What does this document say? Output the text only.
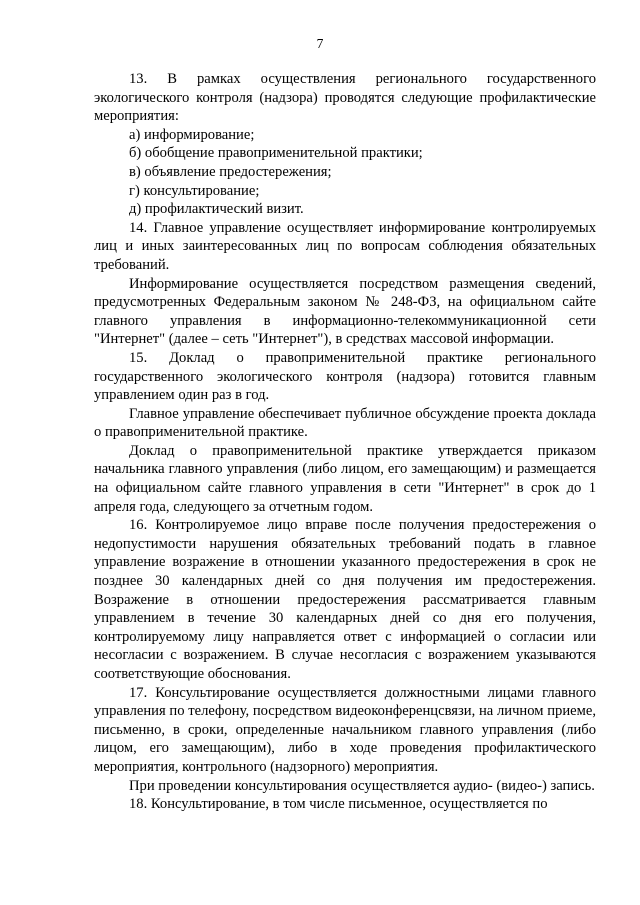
7

13. В рамках осуществления регионального государственного экологического контроля (надзора) проводятся следующие профилактические мероприятия:

а) информирование;

б) обобщение правоприменительной практики;

в) объявление предостережения;

г) консультирование;

д) профилактический визит.

14. Главное управление осуществляет информирование контролируемых лиц и иных заинтересованных лиц по вопросам соблюдения обязательных требований.

Информирование осуществляется посредством размещения сведений, предусмотренных Федеральным законом № 248-ФЗ, на официальном сайте главного управления в информационно-телекоммуникационной сети "Интернет" (далее – сеть "Интернет"), в средствах массовой информации.

15. Доклад о правоприменительной практике регионального государственного экологического контроля (надзора) готовится главным управлением один раз в год.

Главное управление обеспечивает публичное обсуждение проекта доклада о правоприменительной практике.

Доклад о правоприменительной практике утверждается приказом начальника главного управления (либо лицом, его замещающим) и размещается на официальном сайте главного управления в сети "Интернет" в срок до 1 апреля года, следующего за отчетным годом.

16. Контролируемое лицо вправе после получения предостережения о недопустимости нарушения обязательных требований подать в главное управление возражение в отношении указанного предостережения в срок не позднее 30 календарных дней со дня получения им предостережения. Возражение в отношении предостережения рассматривается главным управлением в течение 30 календарных дней со дня его получения, контролируемому лицу направляется ответ с информацией о согласии или несогласии с возражением. В случае несогласия с возражением указываются соответствующие обоснования.

17. Консультирование осуществляется должностными лицами главного управления по телефону, посредством видеоконференцсвязи, на личном приеме, письменно, в сроки, определенные начальником главного управления (либо лицом, его замещающим), либо в ходе проведения профилактического мероприятия, контрольного (надзорного) мероприятия.

При проведении консультирования осуществляется аудио- (видео-) запись.

18. Консультирование, в том числе письменное, осуществляется по
